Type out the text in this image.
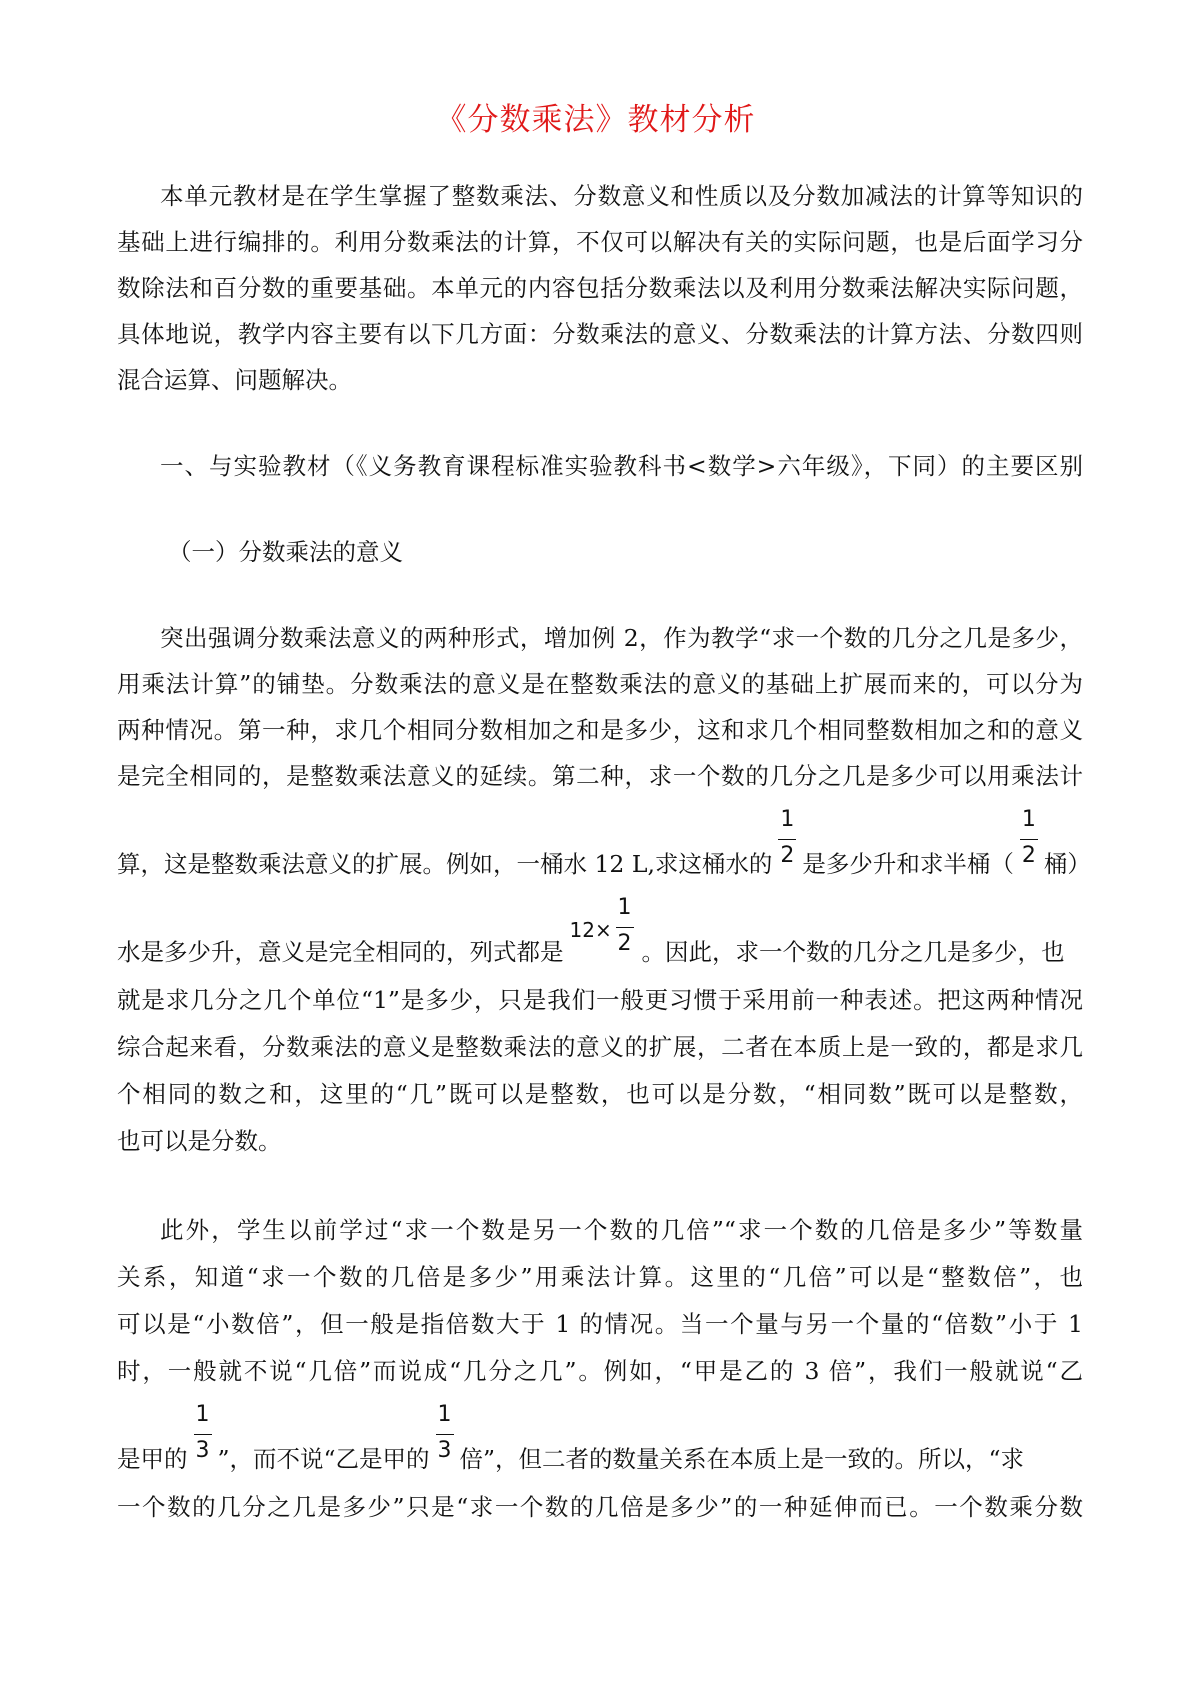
《分数乘法》教材分析
本单元教材是在学生掌握了整数乘法、分数意义和性质以及分数加减法的计算等知识的
基础上进行编排的。利用分数乘法的计算，不仅可以解决有关的实际问题，也是后面学习分
数除法和百分数的重要基础。本单元的内容包括分数乘法以及利用分数乘法解决实际问题，
具体地说，教学内容主要有以下几方面：分数乘法的意义、分数乘法的计算方法、分数四则
混合运算、问题解决。
一、与实验教材（《义务教育课程标准实验教科书<数学>六年级》，下同）的主要区别
（一）分数乘法的意义
突出强调分数乘法意义的两种形式，增加例 2，作为教学“求一个数的几分之几是多少，
用乘法计算”的铺垫。分数乘法的意义是在整数乘法的意义的基础上扩展而来的，可以分为
两种情况。第一种，求几个相同分数相加之和是多少，这和求几个相同整数相加之和的意义
是完全相同的，是整数乘法意义的延续。第二种，求一个数的几分之几是多少可以用乘法计
算，这是整数乘法意义的扩展。例如，一桶水 12 L,求这桶水的 $\frac{1}{2}$ 是多少升和求半桶（ $\frac{1}{2}$ 桶）
水是多少升，意义是完全相同的，列式都是
12×
1
2 。因此，求一个数的几分之几是多少，也
就是求几分之几个单位“1”是多少，只是我们一般更习惯于采用前一种表述。把这两种情况
综合起来看，分数乘法的意义是整数乘法的意义的扩展，二者在本质上是一致的，都是求几
个相同的数之和，这里的“几”既可以是整数，也可以是分数，“相同数”既可以是整数，
也可以是分数。
此外，学生以前学过“求一个数是另一个数的几倍”“求一个数的几倍是多少”等数量
关系，知道“求一个数的几倍是多少”用乘法计算。这里的“几倍”可以是“整数倍”，也
可以是“小数倍”，但一般是指倍数大于 1 的情况。当一个量与另一个量的“倍数”小于 1
时，一般就不说“几倍”而说成“几分之几”。例如，“甲是乙的 3 倍”，我们一般就说“乙
是甲的 $\frac{1}{3}$ ”，而不说“乙是甲的 $\frac{1}{3}$ 倍”，但二者的数量关系在本质上是一致的。所以，“求
一个数的几分之几是多少”只是“求一个数的几倍是多少”的一种延伸而已。一个数乘分数
